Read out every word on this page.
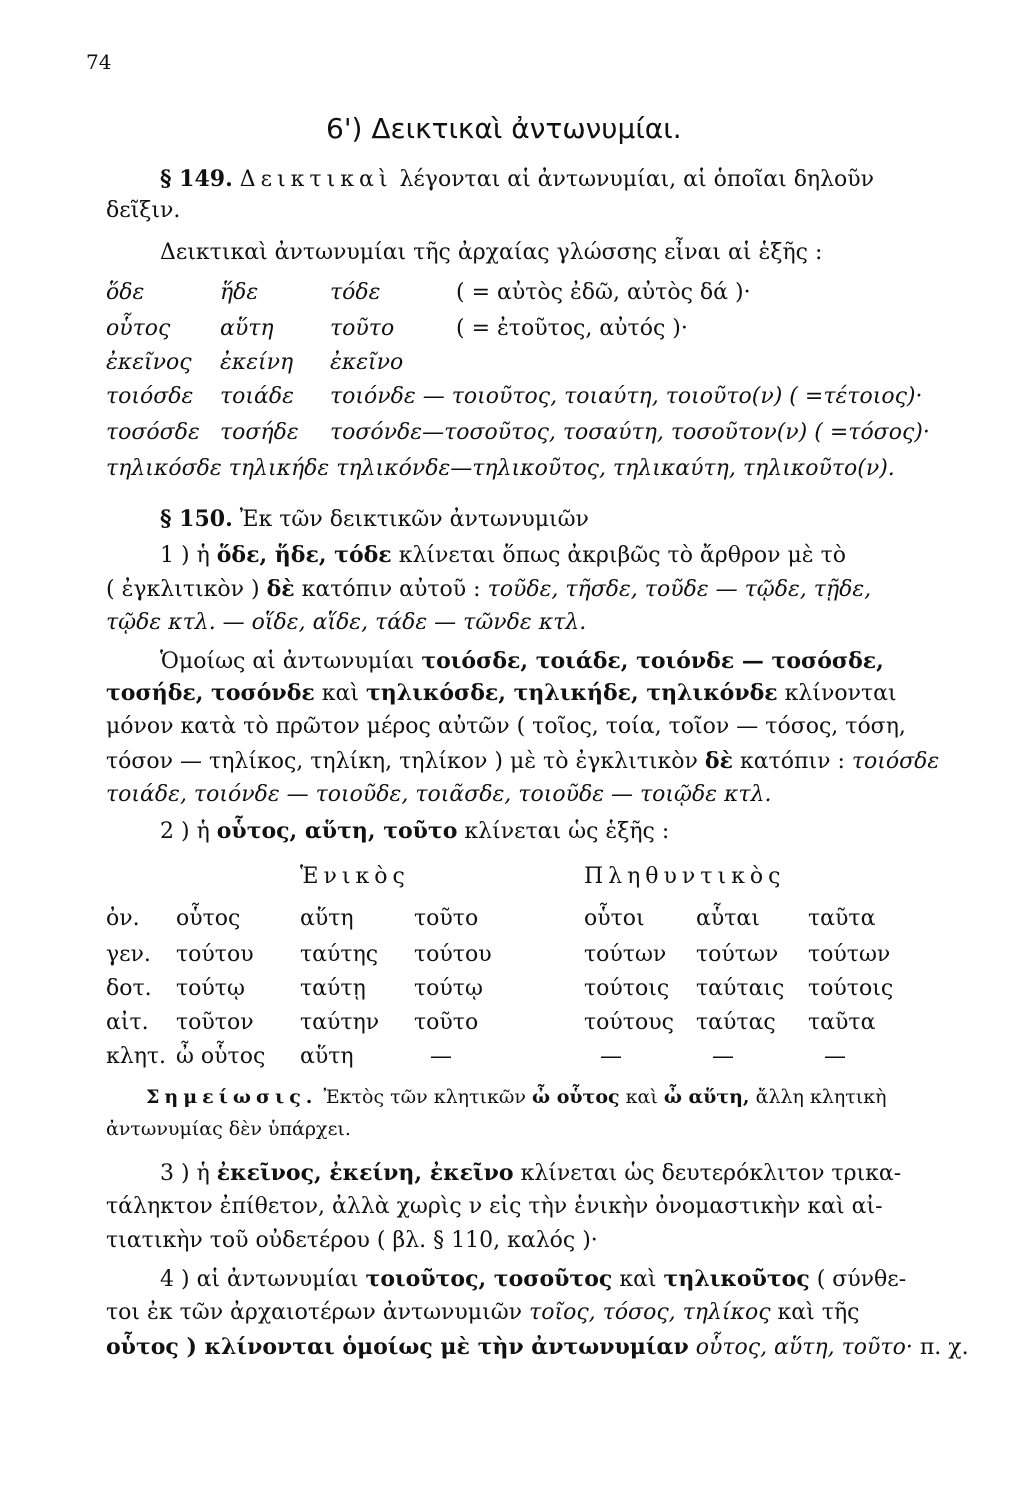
74
6') Δεικτικαὶ ἀντωνυμίαι.
§ 149. Δεικτικαὶ λέγονται αἱ ἀντωνυμίαι, αἱ ὁποῖαι δηλοῦν
δεῖξιν.
Δεικτικαὶ ἀντωνυμίαι τῆς ἀρχαίας γλώσσης εἶναι αἱ ἑξῆς :
ὅδε	ἥδε	τόδε	( = αὐτὸς ἐδῶ, αὐτὸς δά )·
οὗτος αὕτη	τοῦτο	( = ἐτοῦτος, αὐτός )·
ἐκεῖνος ἐκείνη ἐκεῖνο
τοιόσδε τοιάδε τοιόνδε — τοιοῦτος, τοιαύτη, τοιοῦτο(ν) ( =τέτοιος)·
τοσόσδε τοσήδε τοσόνδε—τοσοῦτος, τοσαύτη, τοσοῦτον(ν) ( =τόσος)·
τηλικόσδε τηλικήδε τηλικόνδε—τηλικοῦτος, τηλικαύτη, τηλικοῦτο(ν).
§ 150. Ἐκ τῶν δεικτικῶν ἀντωνυμιῶν
1 ) ἡ ὅδε, ἥδε, τόδε κλίνεται ὅπως ἀκριβῶς τὸ ἄρθρον μὲ τὸ
( ἐγκλιτικὸν ) δὲ κατόπιν αὐτοῦ : τοῦδε, τῆσδε, τοῦδε — τῷδε, τῇδε,
τῷδε κτλ. — οἵδε, αἵδε, τάδε — τῶνδε κτλ.
Ὁμοίως αἱ ἀντωνυμίαι τοιόσδε, τοιάδε, τοιόνδε — τοσόσδε,
τοσήδε, τοσόνδε καὶ τηλικόσδε, τηλικήδε, τηλικόνδε κλίνονται
μόνον κατὰ τὸ πρῶτον μέρος αὐτῶν ( τοῖος, τοία, τοῖον — τόσος, τόση,
τόσον — τηλίκος, τηλίκη, τηλίκον ) μὲ τὸ ἐγκλιτικὸν δὲ κατόπιν : τοιόσδε
τοιάδε, τοιόνδε — τοιοῦδε, τοιᾶσδε, τοιοῦδε — τοιῷδε κτλ.
2 ) ἡ οὗτος, αὕτη, τοῦτο κλίνεται ὡς ἑξῆς :
Ἑνικὸς	Πληθυντικὸς
ὀν. οὗτος	αὕτη	τοῦτο	οὗτοι αὗται ταῦτα
γεν. τούτου ταύτης τούτου	τούτων τούτων τούτων
δοτ. τούτῳ	ταύτῃ τούτῳ	τούτοις ταύταις τούτοις
αἰτ. τοῦτον ταύτην τοῦτο	τούτους ταύτας ταῦτα
κλητ. ὦ οὗτος αὕτη	—	—	—	—
Σημείωσις. Ἐκτὸς τῶν κλητικῶν ὦ οὗτος καὶ ὦ αὕτη, ἄλλη κλητικὴ
ἀντωνυμίας δὲν ὑπάρχει.
3 ) ἡ ἐκεῖνος, ἐκείνη, ἐκεῖνο κλίνεται ὡς δευτερόκλιτον τρικα-
τάληκτον ἐπίθετον, ἀλλὰ χωρὶς ν εἰς τὴν ἑνικὴν ὀνομαστικὴν καὶ αἰ-
τιατικὴν τοῦ οὐδετέρου ( βλ. § 110, καλός )·
4 ) αἱ ἀντωνυμίαι τοιοῦτος, τοσοῦτος καὶ τηλικοῦτος ( σύνθε-
τοι ἐκ τῶν ἀρχαιοτέρων ἀντωνυμιῶν τοῖος, τόσος, τηλίκος καὶ τῆς
οὗτος ) κλίνονται ὁμοίως μὲ τὴν ἀντωνυμίαν οὗτος, αὕτη, τοῦτο· π. χ.
